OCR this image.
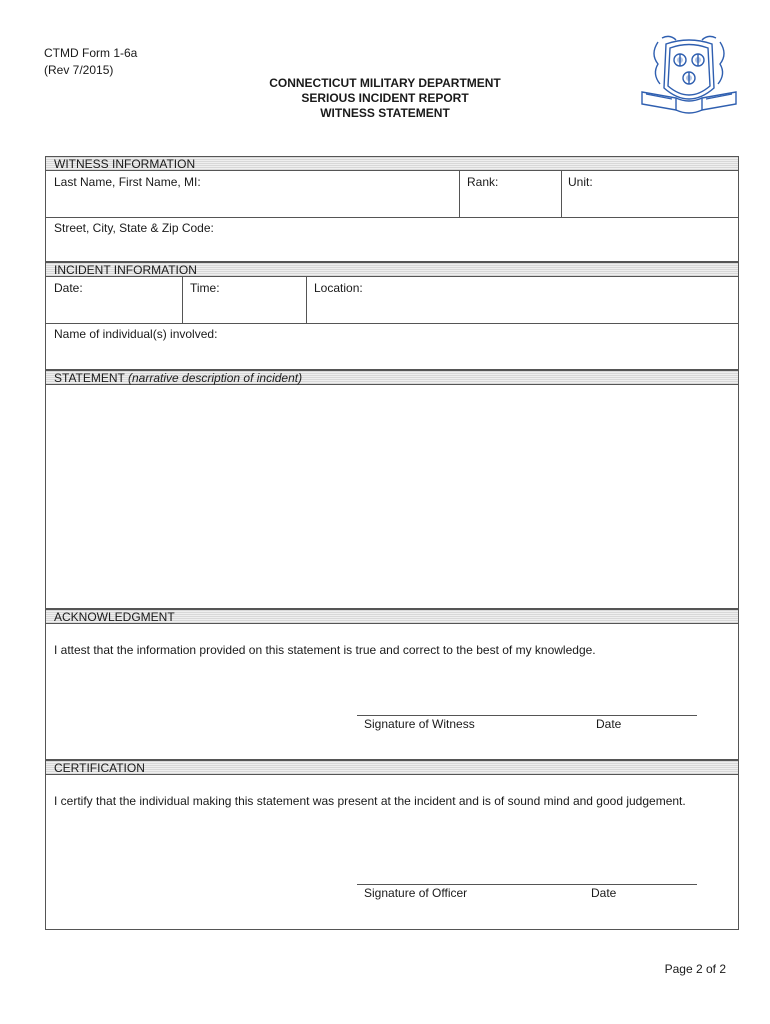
CTMD Form 1-6a
(Rev 7/2015)
CONNECTICUT MILITARY DEPARTMENT
SERIOUS INCIDENT REPORT
WITNESS STATEMENT
WITNESS INFORMATION
Last Name, First Name, MI:	Rank:	Unit:
Street, City, State & Zip Code:
INCIDENT INFORMATION
Date:	Time:	Location:
Name of individual(s) involved:
STATEMENT (narrative description of incident)
ACKNOWLEDGMENT
I attest that the information provided on this statement is true and correct to the best of my knowledge.
Signature of Witness	Date
CERTIFICATION
I certify that the individual making this statement was present at the incident and is of sound mind and good judgement.
Signature of Officer	Date
Page 2 of 2
